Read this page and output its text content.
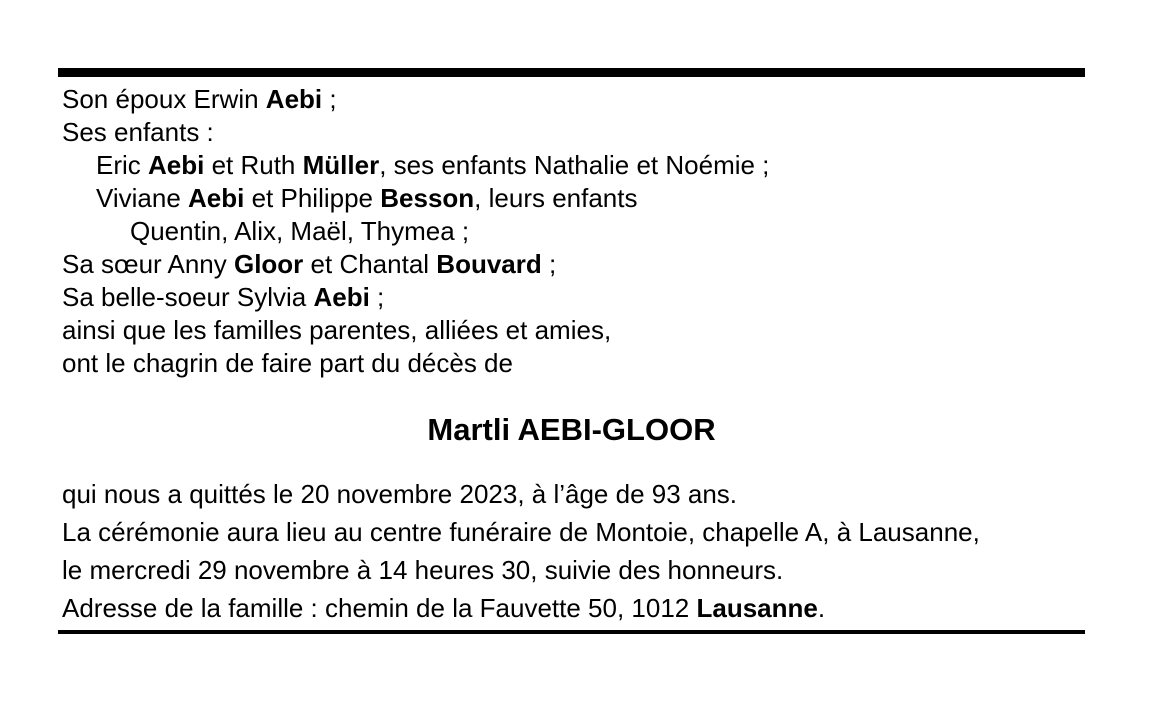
Son époux Erwin Aebi ;
Ses enfants :
Eric Aebi et Ruth Müller, ses enfants Nathalie et Noémie ;
Viviane Aebi et Philippe Besson, leurs enfants
Quentin, Alix, Maël, Thymea ;
Sa sœur Anny Gloor et Chantal Bouvard ;
Sa belle-soeur Sylvia Aebi ;
ainsi que les familles parentes, alliées et amies,
ont le chagrin de faire part du décès de
Martli AEBI-GLOOR
qui nous a quittés le 20 novembre 2023, à l’âge de 93 ans.
La cérémonie aura lieu au centre funéraire de Montoie, chapelle A, à Lausanne,
le mercredi 29 novembre à 14 heures 30, suivie des honneurs.
Adresse de la famille : chemin de la Fauvette 50, 1012 Lausanne.
